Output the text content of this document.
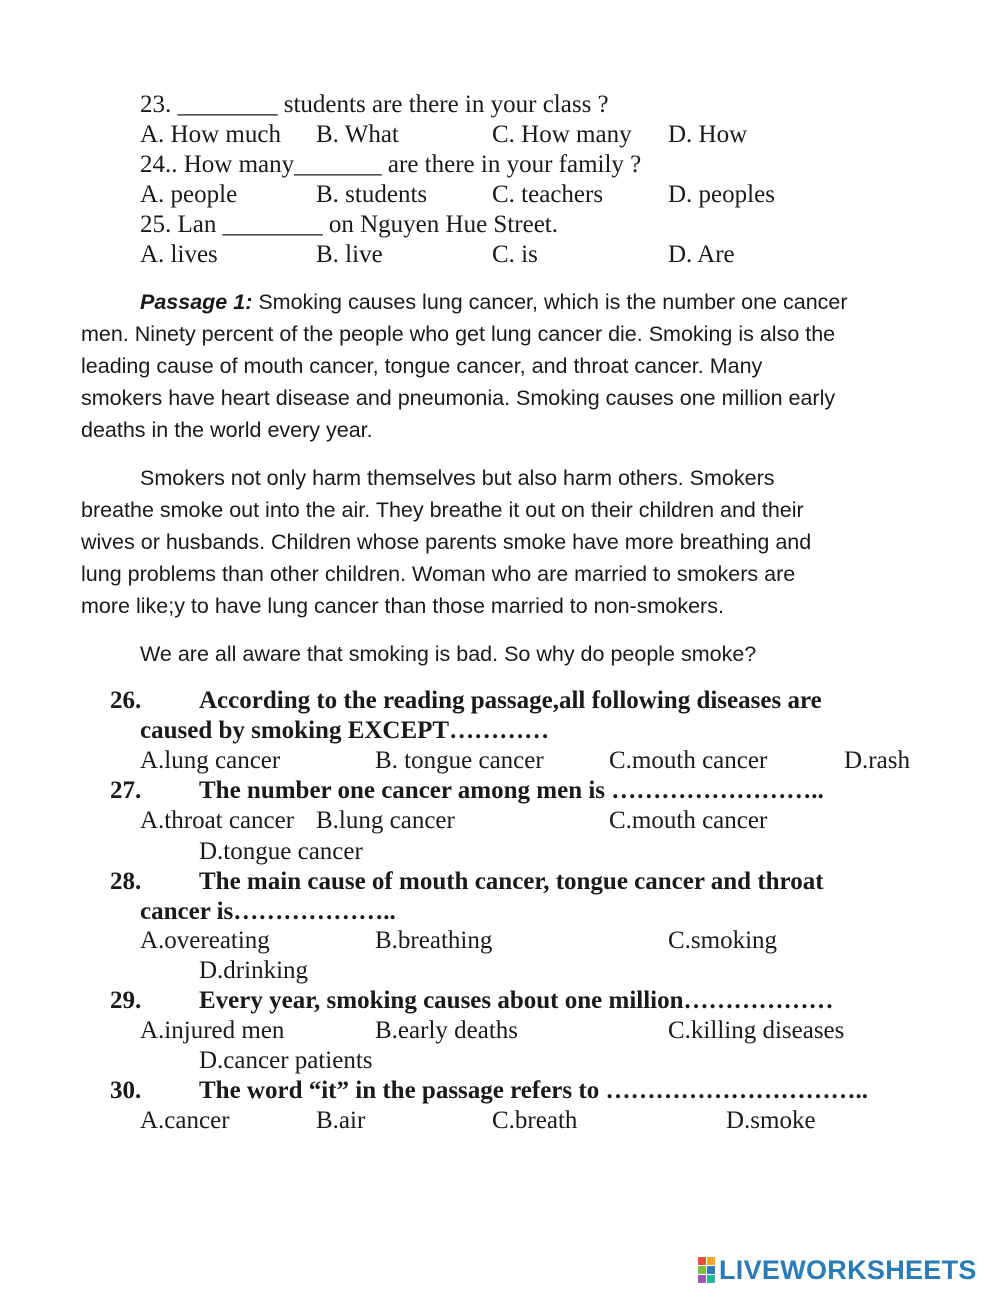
23. ________ students are there in your class ?
A. How much B. What	C. How many D. How
24.. How many_______ are there in your family ?
A. people	B. students	C. teachers	D. peoples
25. Lan ________ on Nguyen Hue Street.
A. lives	B. live	C. is	D. Are
Passage 1: Smoking causes lung cancer, which is the number one cancer
men. Ninety percent of the people who get lung cancer die. Smoking is also the
leading cause of mouth cancer, tongue cancer, and throat cancer. Many
smokers have heart disease and pneumonia. Smoking causes one million early
deaths in the world every year.
Smokers not only harm themselves but also harm others. Smokers
breathe smoke out into the air. They breathe it out on their children and their
wives or husbands. Children whose parents smoke have more breathing and
lung problems than other children. Woman who are married to smokers are
more like;y to have lung cancer than those married to non-smokers.
We are all aware that smoking is bad. So why do people smoke?
26. According to the reading passage,all following diseases are
caused by smoking EXCEPT…………
A.lung cancer	B. tongue cancer	C.mouth cancer	D.rash
27. The number one cancer among men is ……………………..
A.throat cancer B.lung cancer	C.mouth cancer
D.tongue cancer
28. The main cause of mouth cancer, tongue cancer and throat
cancer is………………..
A.overeating	B.breathing	C.smoking
D.drinking
29. Every year, smoking causes about one million………………
A.injured men	B.early deaths	C.killing diseases
D.cancer patients
30. The word “it” in the passage refers to …………………………..
A.cancer	B.air	C.breath	D.smoke
LIVEWORKSHEETS
